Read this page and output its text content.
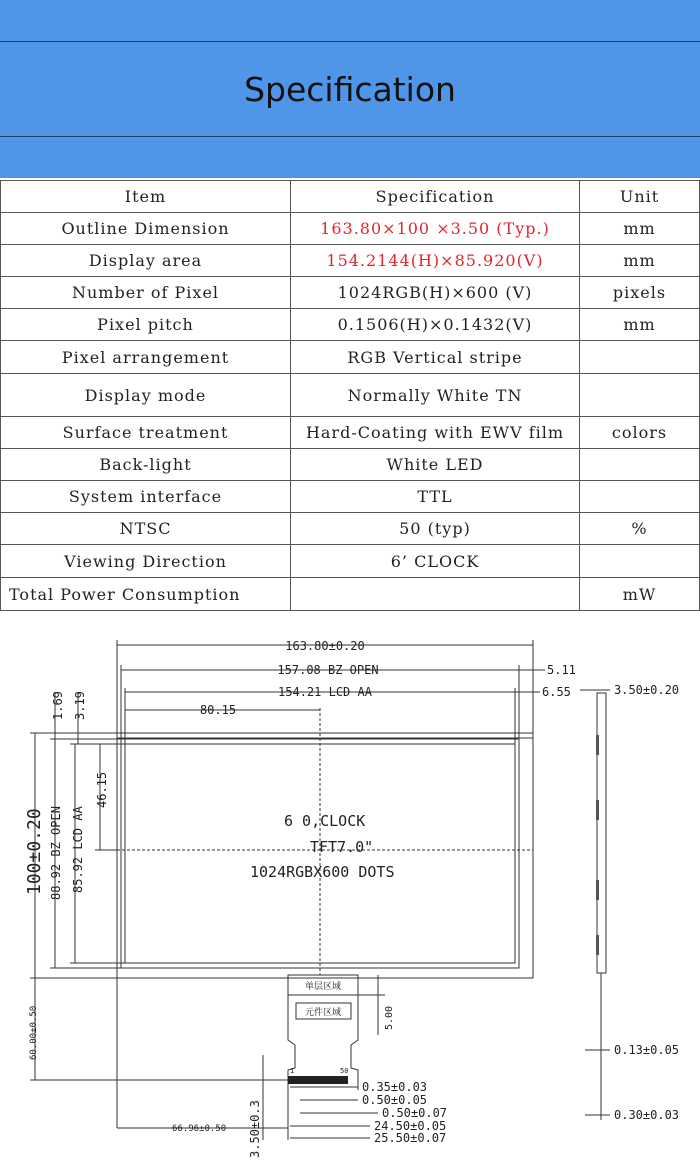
Specification
Item	Specification	Unit
Outline Dimension	163.80×100 ×3.50 (Typ.)	mm
Display area	154.2144(H)×85.920(V)	mm
Number of Pixel	1024RGB(H)×600 (V)	pixels
Pixel pitch	0.1506(H)×0.1432(V)	mm
Pixel arrangement	RGB Vertical stripe	
Display mode	Normally White TN	
Surface treatment	Hard-Coating with EWV film	colors
Back-light	White LED	
System interface	TTL	
NTSC	50 (typ)	%
Viewing Direction	6’ CLOCK	
Total Power Consumption		mW
163.80±0.20
157.08 BZ OPEN
154.21 LCD AA
80.15
5.11
6.55	3.50±0.20
1.69 3.19
46.15
100±0.20 88.92 BZ OPEN 85.92 LCD AA	6 0,CLOCK
TFT7.0"
1024RGBX600 DOTS
单层区域
元件区域	5.00
60.00±0.50
1	50
0.35±0.03
0.50±0.05
0.50±0.07
24.50±0.05
25.50±0.07
66.96±0.50 3.50±0.3
0.13±0.05
0.30±0.03
